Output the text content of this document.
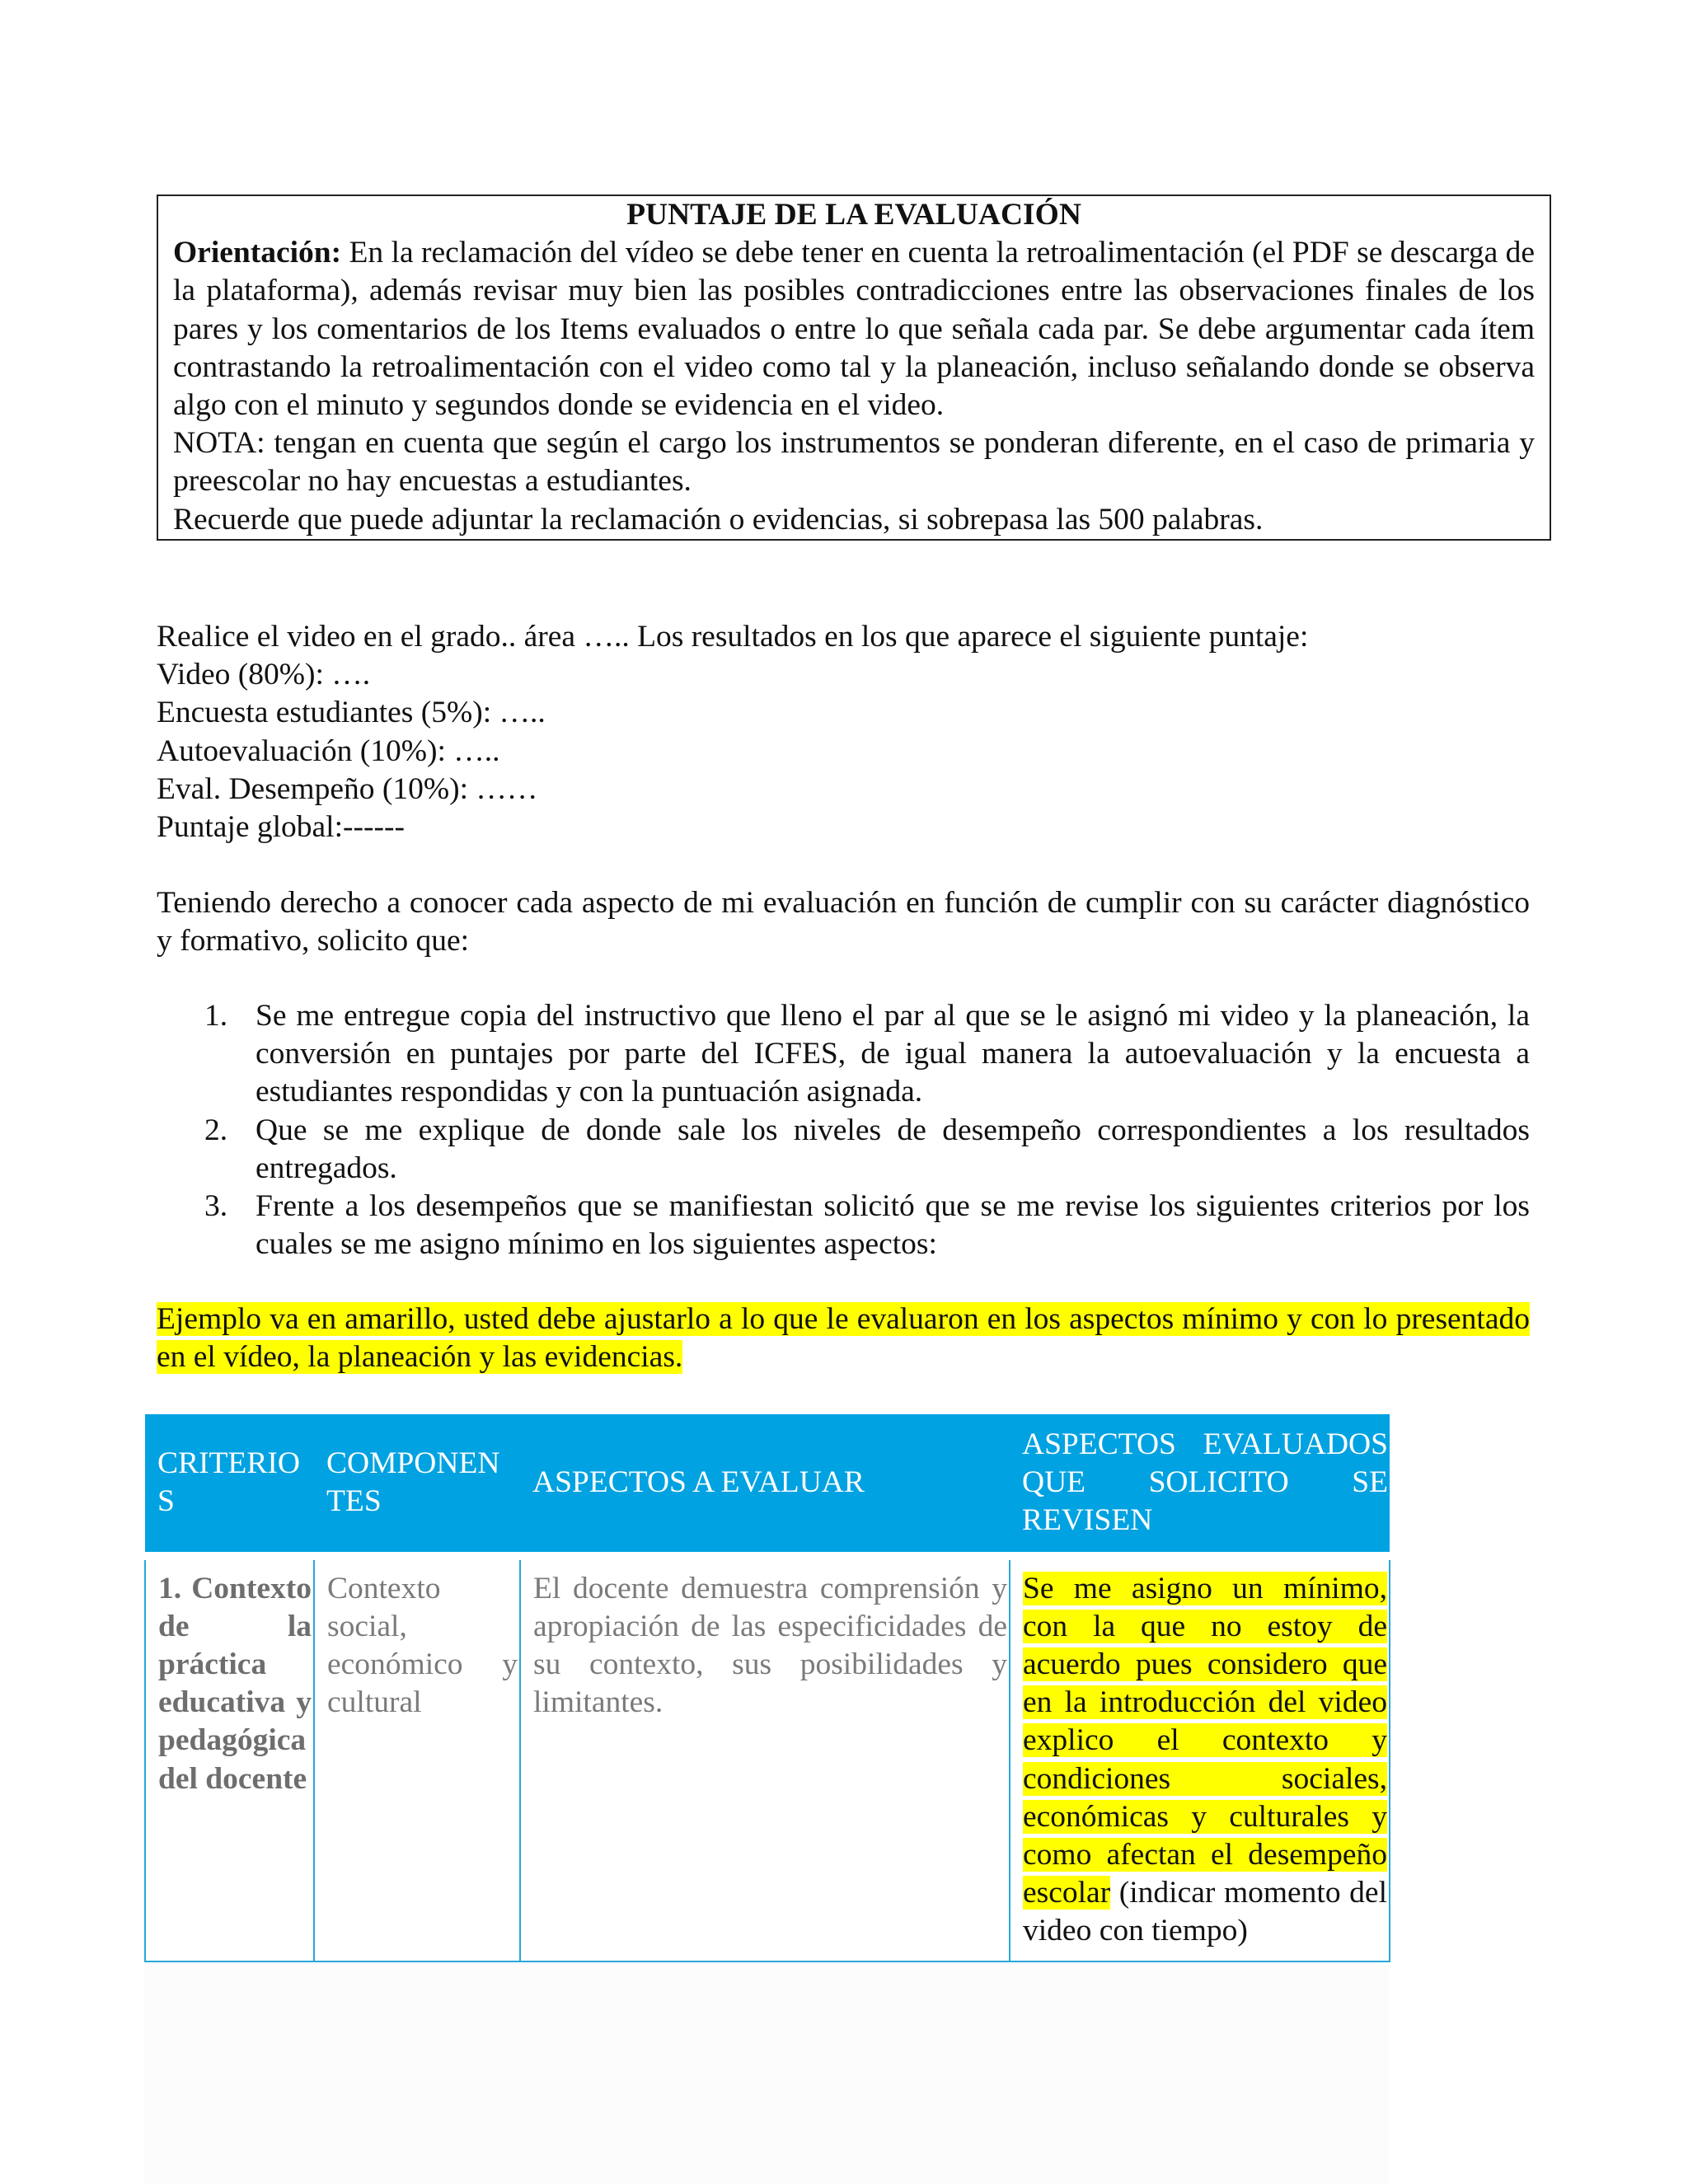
PUNTAJE DE LA EVALUACIÓN

Orientación: En la reclamación del vídeo se debe tener en cuenta la retroalimentación (el PDF se descarga de la plataforma), además revisar muy bien las posibles contradicciones entre las observaciones finales de los pares y los comentarios de los Items evaluados o entre lo que señala cada par. Se debe argumentar cada ítem contrastando la retroalimentación con el video como tal y la planeación, incluso señalando donde se observa algo con el minuto y segundos donde se evidencia en el video.

NOTA: tengan en cuenta que según el cargo los instrumentos se ponderan diferente, en el caso de primaria y preescolar no hay encuestas a estudiantes.

Recuerde que puede adjuntar la reclamación o evidencias, si sobrepasa las 500 palabras.

Realice el video en el grado.. área ….. Los resultados en los que aparece el siguiente puntaje:

Video (80%): ….

Encuesta estudiantes (5%): …..

Autoevaluación (10%): …..

Eval. Desempeño (10%): ……

Puntaje global:------

Teniendo derecho a conocer cada aspecto de mi evaluación en función de cumplir con su carácter diagnóstico y formativo, solicito que:

1. Se me entregue copia del instructivo que lleno el par al que se le asignó mi video y la planeación, la conversión en puntajes por parte del ICFES, de igual manera la autoevaluación y la encuesta a estudiantes respondidas y con la puntuación asignada.
2. Que se me explique de donde sale los niveles de desempeño correspondientes a los resultados entregados.
3. Frente a los desempeños que se manifiestan solicitó que se me revise los siguientes criterios por los cuales se me asigno mínimo en los siguientes aspectos:
Ejemplo va en amarillo, usted debe ajustarlo a lo que le evaluaron en los aspectos mínimo y con lo presentado en el vídeo, la planeación y las evidencias.
CRITERIOS	COMPONENTES	ASPECTOS A EVALUAR	ASPECTOS EVALUADOS QUE SOLICITO SE REVISEN
1. Contexto de la práctica educativa y pedagógica del docente	Contexto social, económico y cultural	El docente demuestra comprensión y apropiación de las especificidades de su contexto, sus posibilidades y limitantes.	Se me asigno un mínimo, con la que no estoy de acuerdo pues considero que en la introducción del video explico el contexto y condiciones sociales, económicas y culturales y como afectan el desempeño escolar (indicar momento del video con tiempo)
